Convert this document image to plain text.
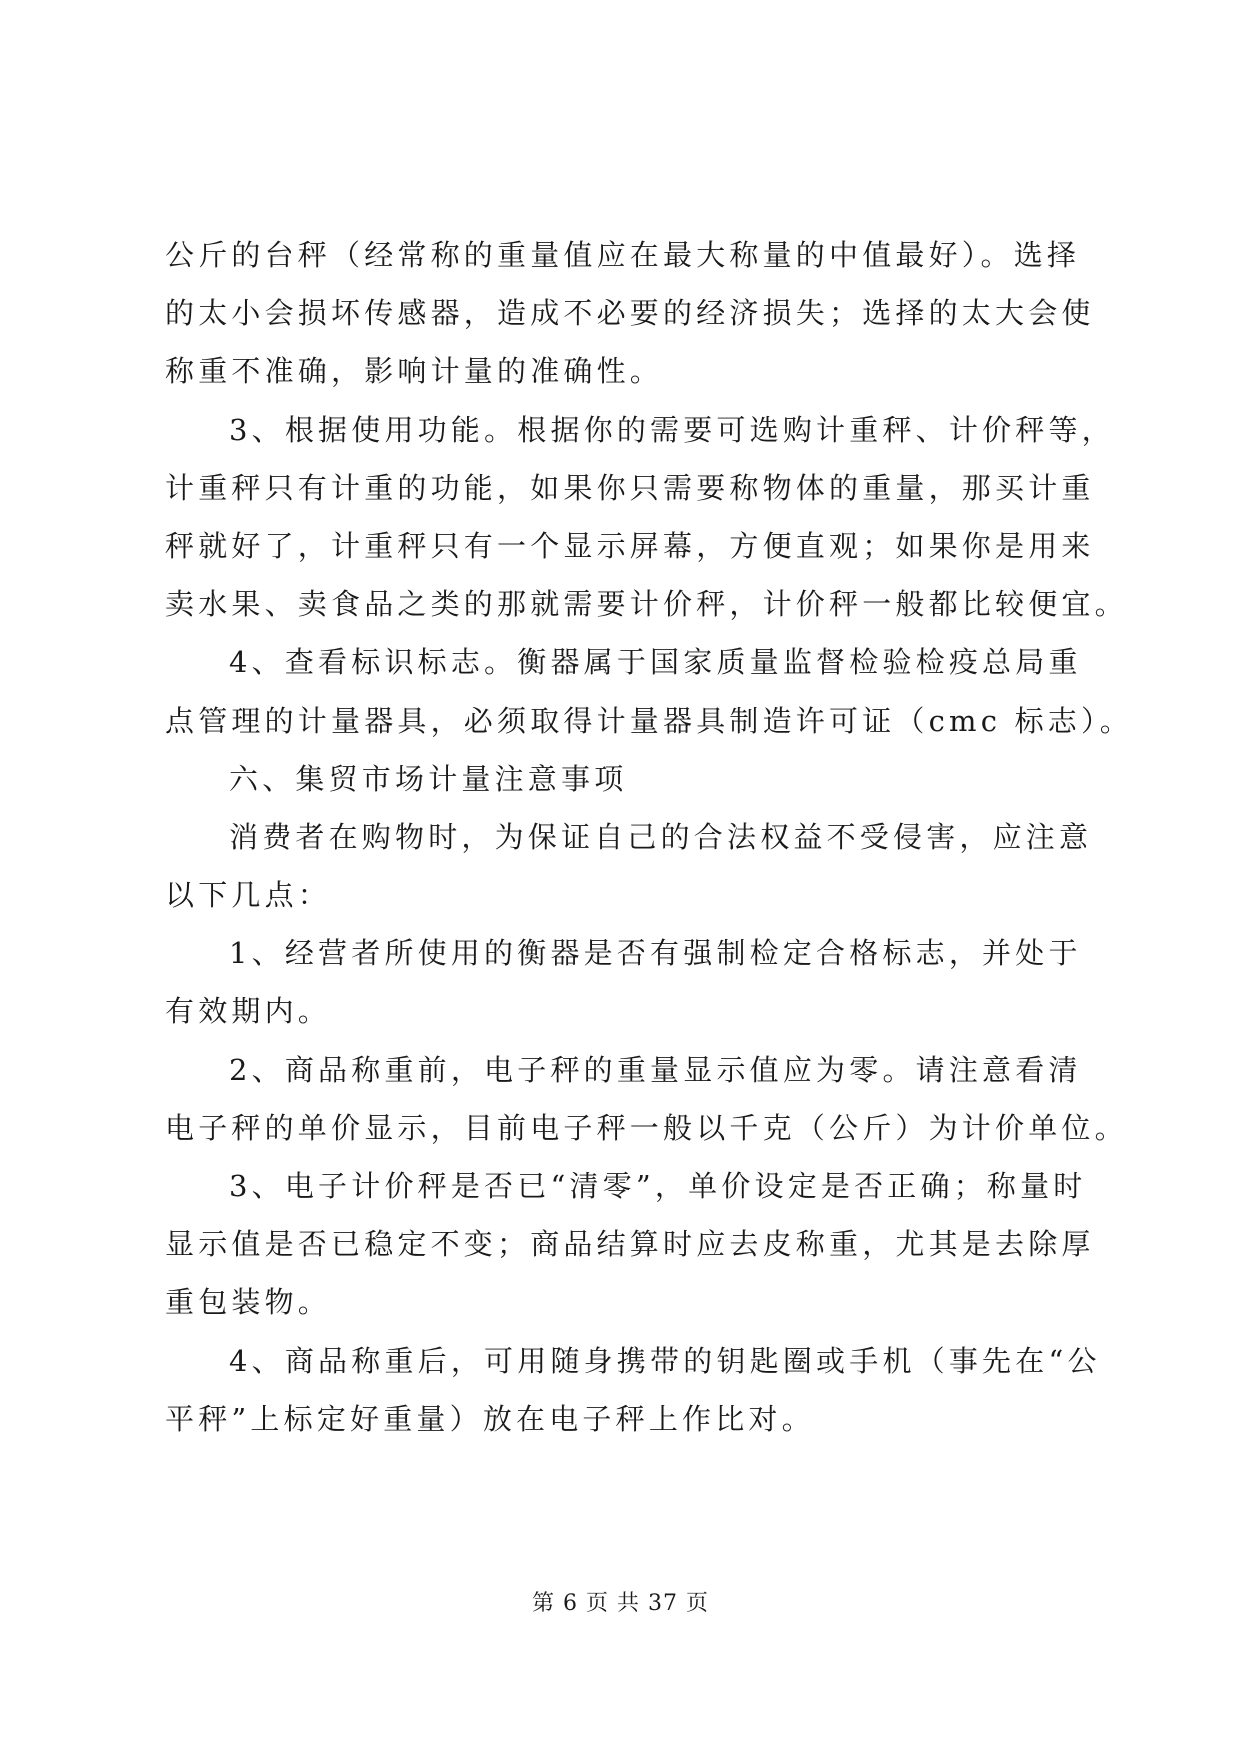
公斤的台秤（经常称的重量值应在最大称量的中值最好）。选择
的太小会损坏传感器，造成不必要的经济损失；选择的太大会使
称重不准确，影响计量的准确性。
3、根据使用功能。根据你的需要可选购计重秤、计价秤等，
计重秤只有计重的功能，如果你只需要称物体的重量，那买计重
秤就好了，计重秤只有一个显示屏幕，方便直观；如果你是用来
卖水果、卖食品之类的那就需要计价秤，计价秤一般都比较便宜。
4、查看标识标志。衡器属于国家质量监督检验检疫总局重
点管理的计量器具，必须取得计量器具制造许可证（cmc 标志）。
六、集贸市场计量注意事项
消费者在购物时，为保证自己的合法权益不受侵害，应注意
以下几点：
1、经营者所使用的衡器是否有强制检定合格标志，并处于
有效期内。
2、商品称重前，电子秤的重量显示值应为零。请注意看清
电子秤的单价显示，目前电子秤一般以千克（公斤）为计价单位。
3、电子计价秤是否已“清零”，单价设定是否正确；称量时
显示值是否已稳定不变；商品结算时应去皮称重，尤其是去除厚
重包装物。
4、商品称重后，可用随身携带的钥匙圈或手机（事先在“公
平秤”上标定好重量）放在电子秤上作比对。
第 6 页 共 37 页
